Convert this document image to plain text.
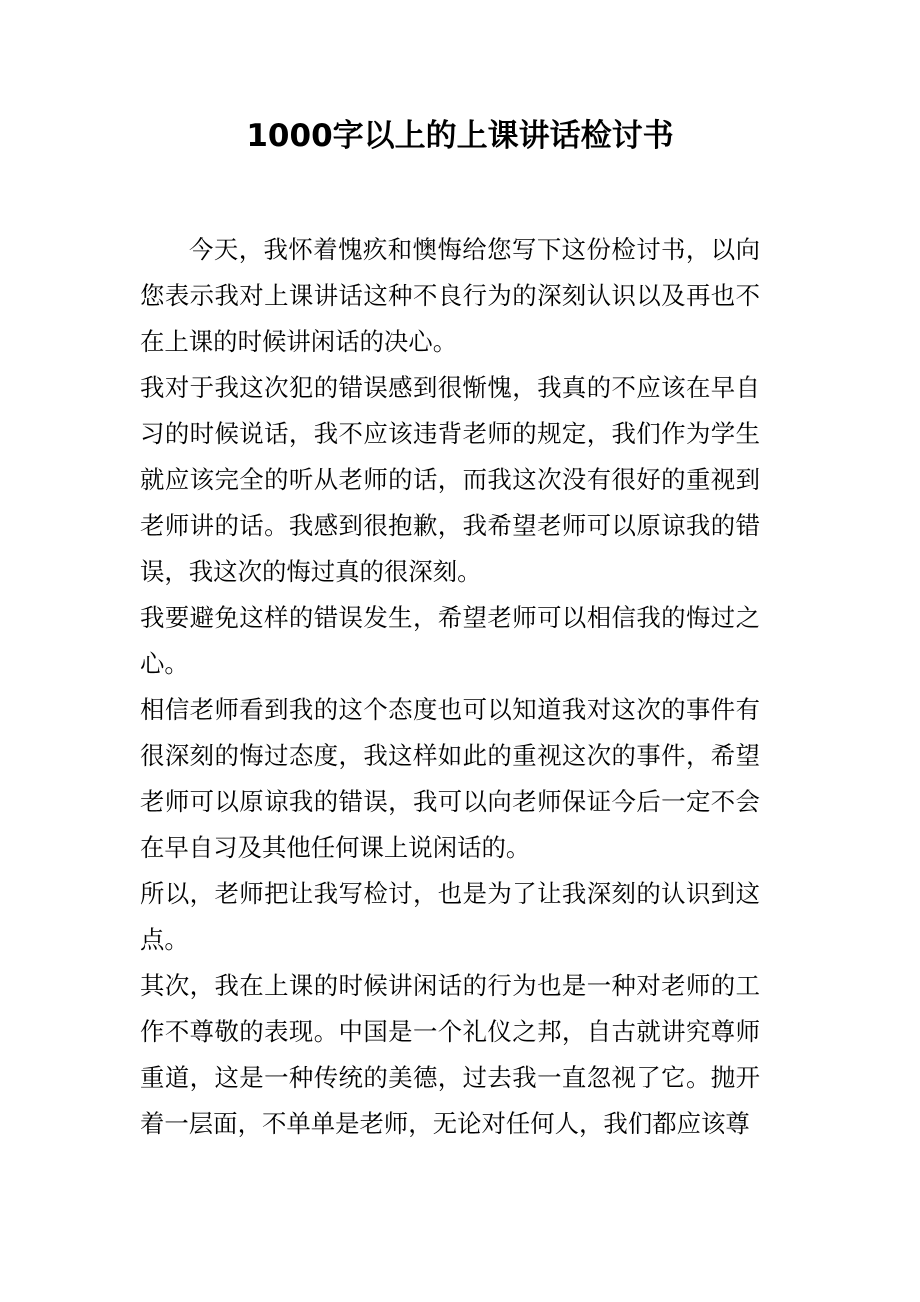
1000字以上的上课讲话检讨书

今天，我怀着愧疚和懊悔给您写下这份检讨书，以向您表示我对上课讲话这种不良行为的深刻认识以及再也不在上课的时候讲闲话的决心。

我对于我这次犯的错误感到很惭愧，我真的不应该在早自习的时候说话，我不应该违背老师的规定，我们作为学生就应该完全的听从老师的话，而我这次没有很好的重视到老师讲的话。我感到很抱歉，我希望老师可以原谅我的错误，我这次的悔过真的很深刻。

我要避免这样的错误发生，希望老师可以相信我的悔过之心。

相信老师看到我的这个态度也可以知道我对这次的事件有很深刻的悔过态度，我这样如此的重视这次的事件，希望老师可以原谅我的错误，我可以向老师保证今后一定不会在早自习及其他任何课上说闲话的。

所以，老师把让我写检讨，也是为了让我深刻的认识到这点。

其次，我在上课的时候讲闲话的行为也是一种对老师的工作不尊敬的表现。中国是一个礼仪之邦，自古就讲究尊师重道，这是一种传统的美德，过去我一直忽视了它。抛开着一层面，不单单是老师，无论对任何人，我们都应该尊
